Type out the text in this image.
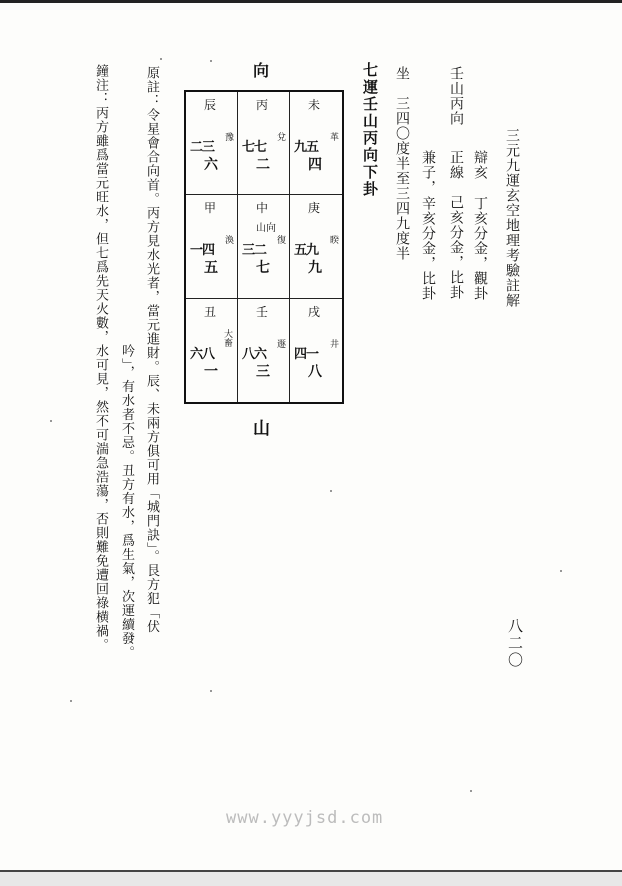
三元九運玄空地理考驗註解
八二〇
辯亥
丁亥分金，觀卦
壬山丙向
正線　己亥分金，比卦
兼子，
辛亥分金，比卦
坐　三四〇度半至三四九度半
七運壬山丙向下卦
向
辰
二三
豫
六
丙
七七
兌
二
未
九五
革
四
甲
一四
渙
五
中
山向
三二
復
七
庚
五九
睽
九
丑
六八
大畜
一
壬
八六
遯
三
戌
四一
井
八
山
原註：令星會合向首。丙方見水光者，當元進財。辰、未兩方俱可用「城門訣」。艮方犯「伏
吟」，有水者不忌。丑方有水，爲生氣，次運續發。
鐘注：丙方雖爲當元旺水，但七爲先天火數，水可見，然不可湍急浩蕩，否則難免遭回祿横禍。
www.yyyjsd.com
